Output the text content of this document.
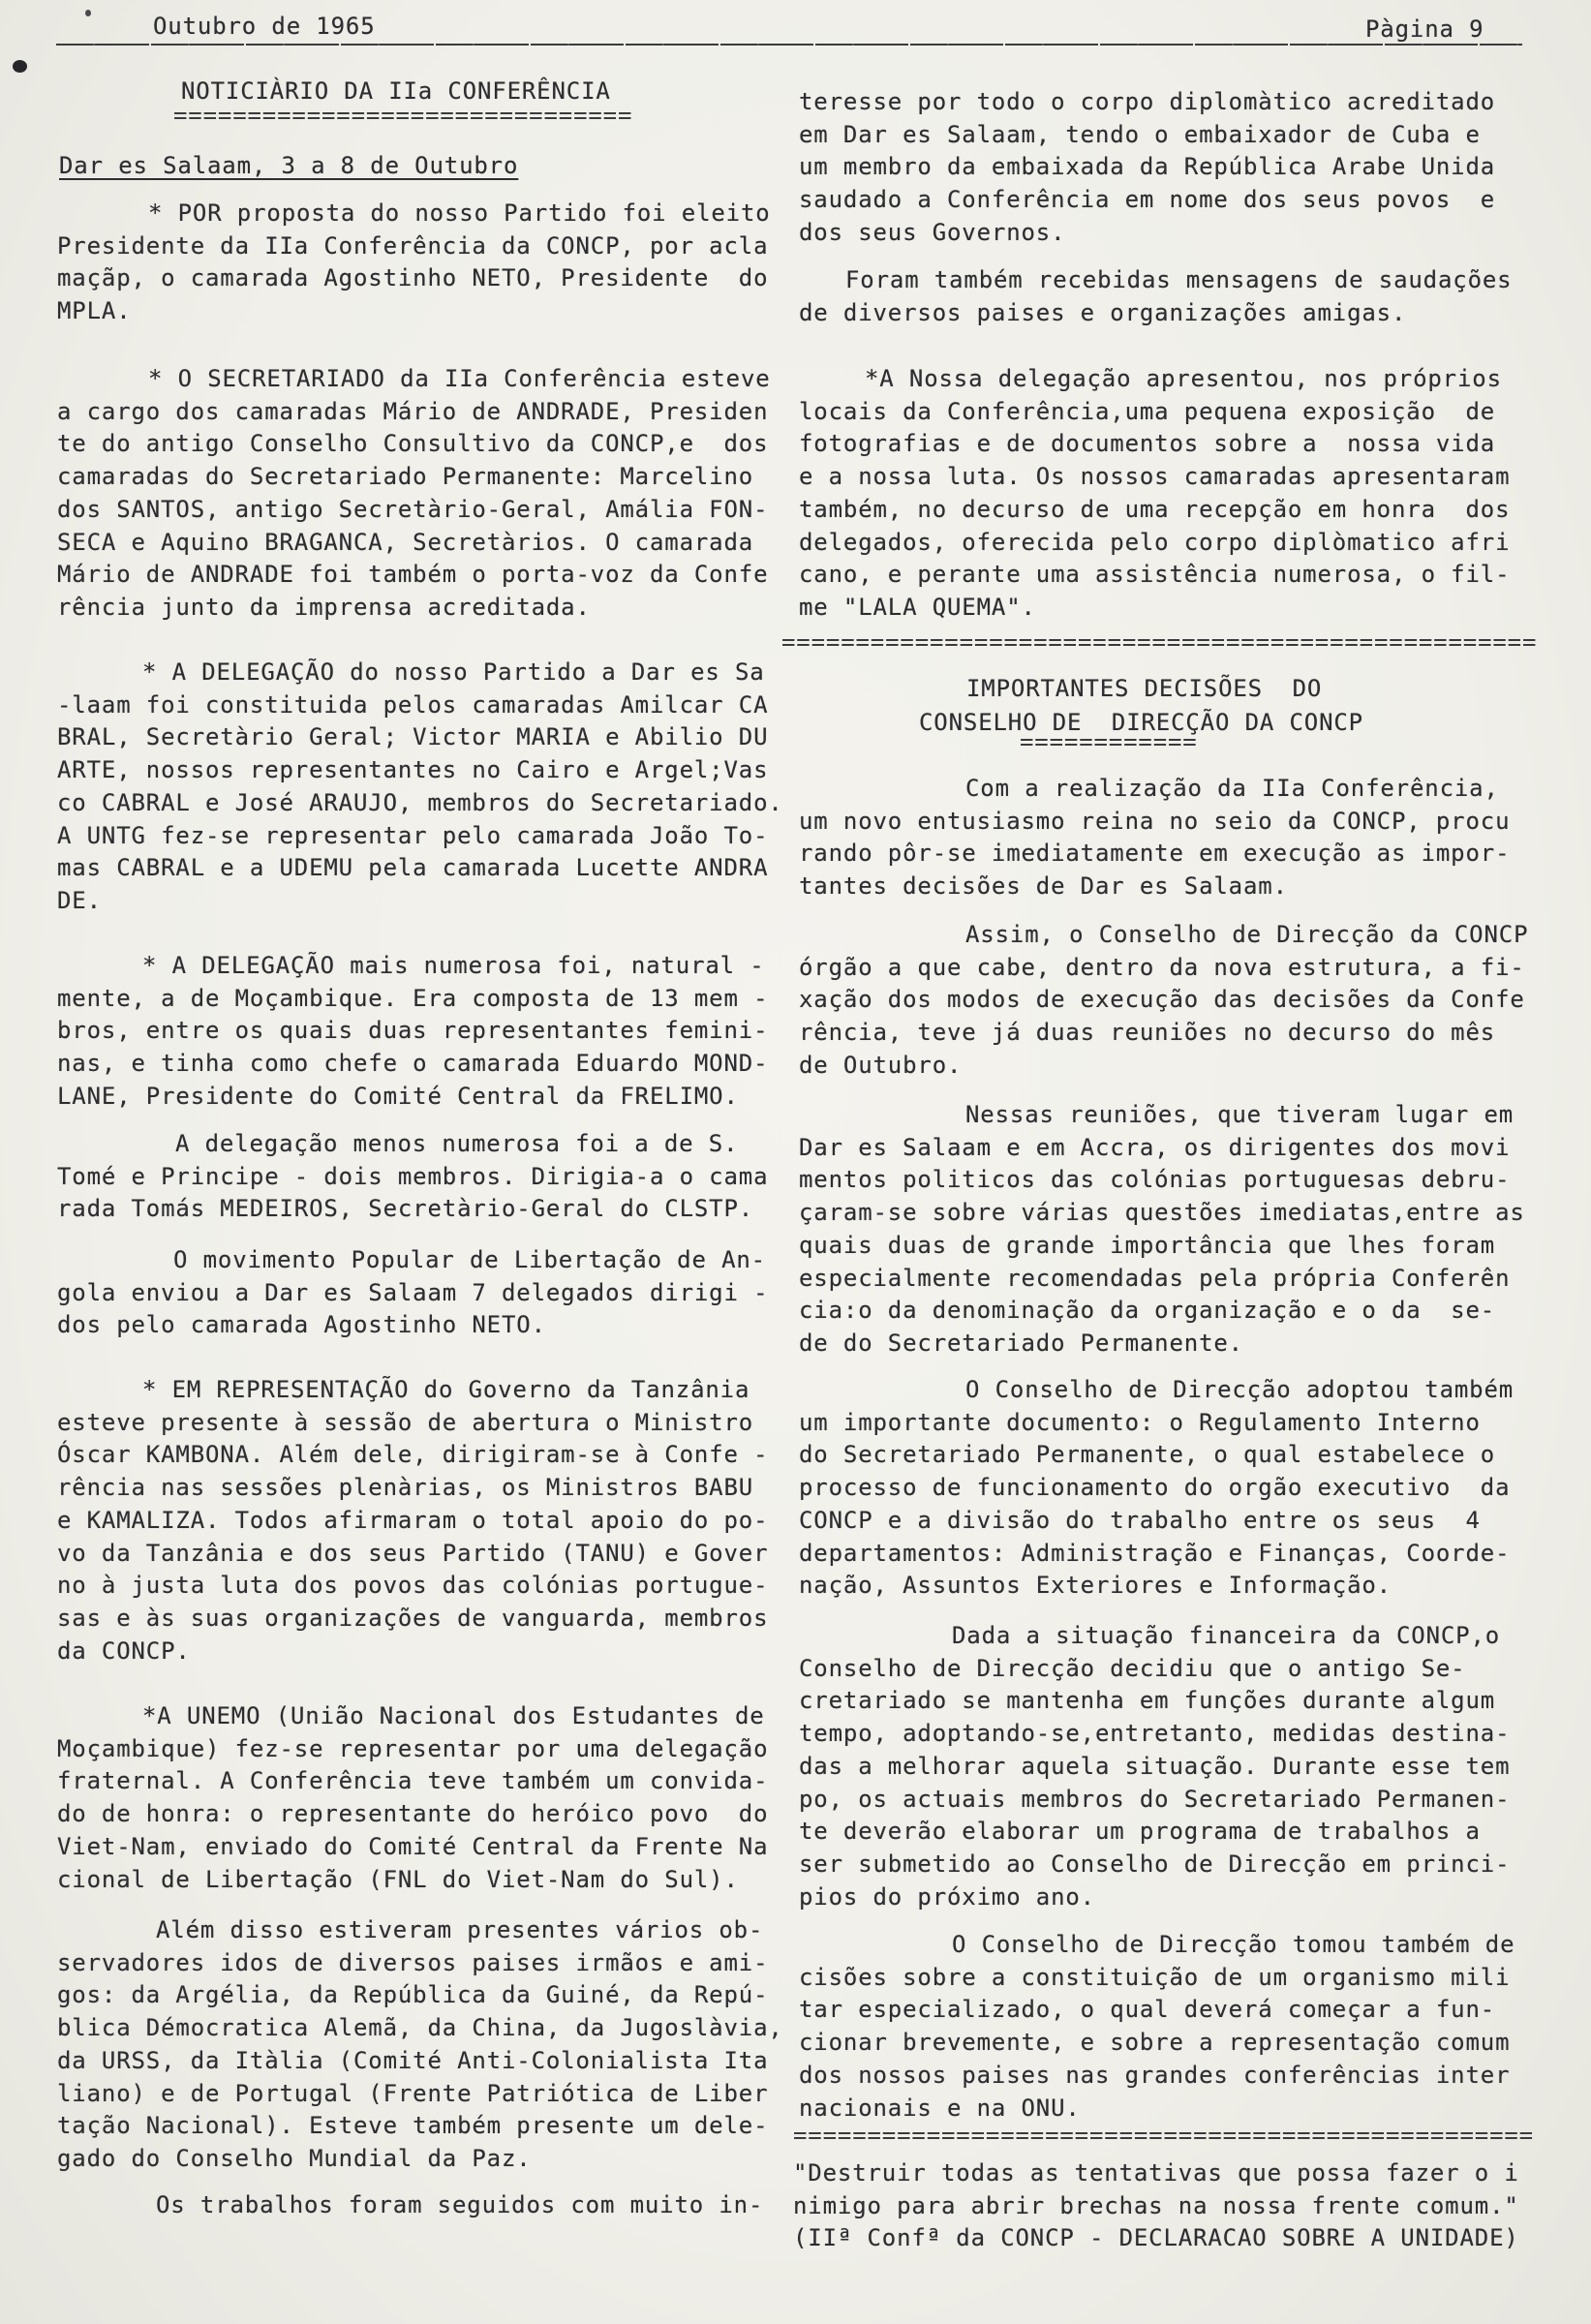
Outubro de 1965	Pàgina 9
NOTICIÀRIO DA IIa CONFERÊNCIA
===============================
Dar es Salaam, 3 a 8 de Outubro
* POR proposta do nosso Partido foi eleito
Presidente da IIa Conferência da CONCP, por acla
maçãp, o camarada Agostinho NETO, Presidente  do
MPLA.
* O SECRETARIADO da IIa Conferência esteve
a cargo dos camaradas Mário de ANDRADE, Presiden
te do antigo Conselho Consultivo da CONCP,e  dos
camaradas do Secretariado Permanente: Marcelino
dos SANTOS, antigo Secretàrio-Geral, Amália FON-
SECA e Aquino BRAGANCA, Secretàrios. O camarada
Mário de ANDRADE foi também o porta-voz da Confe
rência junto da imprensa acreditada.
* A DELEGAÇÃO do nosso Partido a Dar es Sa
-laam foi constituida pelos camaradas Amilcar CA
BRAL, Secretàrio Geral; Victor MARIA e Abilio DU
ARTE, nossos representantes no Cairo e Argel;Vas
co CABRAL e José ARAUJO, membros do Secretariado.
A UNTG fez-se representar pelo camarada João To-
mas CABRAL e a UDEMU pela camarada Lucette ANDRA
DE.
* A DELEGAÇÃO mais numerosa foi, natural -
mente, a de Moçambique. Era composta de 13 mem -
bros, entre os quais duas representantes femini-
nas, e tinha como chefe o camarada Eduardo MOND-
LANE, Presidente do Comité Central da FRELIMO.
A delegação menos numerosa foi a de S.
Tomé e Principe - dois membros. Dirigia-a o cama
rada Tomás MEDEIROS, Secretàrio-Geral do CLSTP.
O movimento Popular de Libertação de An-
gola enviou a Dar es Salaam 7 delegados dirigi -
dos pelo camarada Agostinho NETO.
* EM REPRESENTAÇÃO do Governo da Tanzânia
esteve presente à sessão de abertura o Ministro
Óscar KAMBONA. Além dele, dirigiram-se à Confe -
rência nas sessões plenàrias, os Ministros BABU
e KAMALIZA. Todos afirmaram o total apoio do po-
vo da Tanzânia e dos seus Partido (TANU) e Gover
no à justa luta dos povos das colónias portugue-
sas e às suas organizações de vanguarda, membros
da CONCP.
*A UNEMO (União Nacional dos Estudantes de
Moçambique) fez-se representar por uma delegação
fraternal. A Conferência teve também um convida-
do de honra: o representante do heróico povo  do
Viet-Nam, enviado do Comité Central da Frente Na
cional de Libertação (FNL do Viet-Nam do Sul).
Além disso estiveram presentes vários ob-
servadores idos de diversos paises irmãos e ami-
gos: da Argélia, da República da Guiné, da Repú-
blica Démocratica Alemã, da China, da Jugoslàvia,
da URSS, da Itàlia (Comité Anti-Colonialista Ita
liano) e de Portugal (Frente Patriótica de Liber
tação Nacional). Esteve também presente um dele-
gado do Conselho Mundial da Paz.
Os trabalhos foram seguidos com muito in-
teresse por todo o corpo diplomàtico acreditado
em Dar es Salaam, tendo o embaixador de Cuba e
um membro da embaixada da República Arabe Unida
saudado a Conferência em nome dos seus povos  e
dos seus Governos.
Foram também recebidas mensagens de saudações
de diversos paises e organizações amigas.
*A Nossa delegação apresentou, nos próprios
locais da Conferência,uma pequena exposição  de
fotografias e de documentos sobre a  nossa vida
e a nossa luta. Os nossos camaradas apresentaram
também, no decurso de uma recepção em honra  dos
delegados, oferecida pelo corpo diplòmatico afri
cano, e perante uma assistência numerosa, o fil-
me "LALA QUEMA".
===================================================
IMPORTANTES DECISÕES  DO
CONSELHO DE  DIRECÇÃO DA CONCP
============
Com a realização da IIa Conferência,
um novo entusiasmo reina no seio da CONCP, procu
rando pôr-se imediatamente em execução as impor-
tantes decisões de Dar es Salaam.
Assim, o Conselho de Direcção da CONCP
órgão a que cabe, dentro da nova estrutura, a fi-
xação dos modos de execução das decisões da Confe
rência, teve já duas reuniões no decurso do mês
de Outubro.
Nessas reuniões, que tiveram lugar em
Dar es Salaam e em Accra, os dirigentes dos movi
mentos politicos das colónias portuguesas debru-
çaram-se sobre várias questões imediatas,entre as
quais duas de grande importância que lhes foram
especialmente recomendadas pela própria Conferên
cia:o da denominação da organização e o da  se-
de do Secretariado Permanente.
O Conselho de Direcção adoptou também
um importante documento: o Regulamento Interno
do Secretariado Permanente, o qual estabelece o
processo de funcionamento do orgão executivo  da
CONCP e a divisão do trabalho entre os seus  4
departamentos: Administração e Finanças, Coorde-
nação, Assuntos Exteriores e Informação.
Dada a situação financeira da CONCP,o
Conselho de Direcção decidiu que o antigo Se-
cretariado se mantenha em funções durante algum
tempo, adoptando-se,entretanto, medidas destina-
das a melhorar aquela situação. Durante esse tem
po, os actuais membros do Secretariado Permanen-
te deverão elaborar um programa de trabalhos a
ser submetido ao Conselho de Direcção em princi-
pios do próximo ano.
O Conselho de Direcção tomou também de
cisões sobre a constituição de um organismo mili
tar especializado, o qual deverá começar a fun-
cionar brevemente, e sobre a representação comum
dos nossos paises nas grandes conferências inter
nacionais e na ONU.
==================================================
"Destruir todas as tentativas que possa fazer o i
nimigo para abrir brechas na nossa frente comum."
(IIª Confª da CONCP - DECLARACAO SOBRE A UNIDADE)
